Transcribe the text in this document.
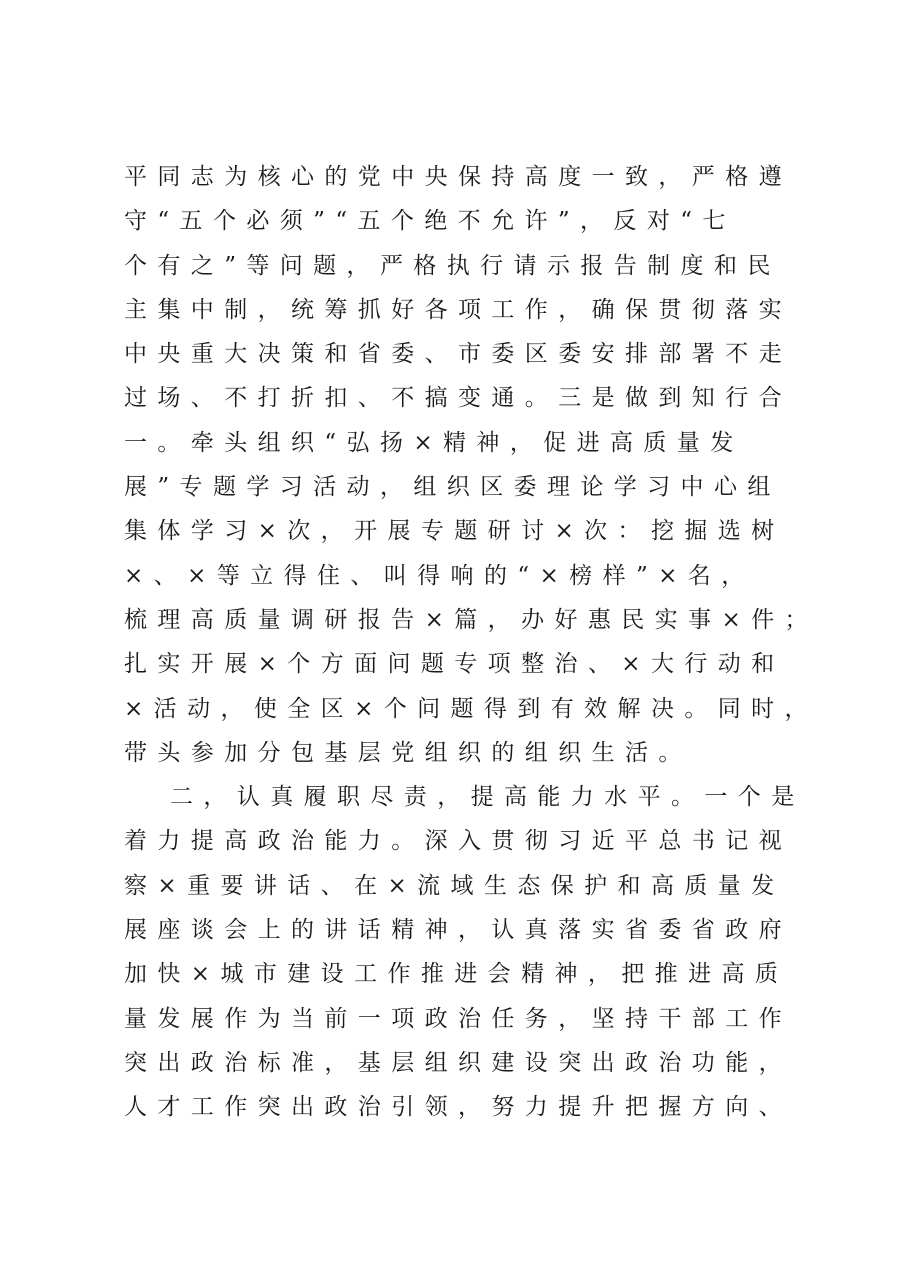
平同志为核心的党中央保持高度一致，严格遵
守“五个必须”“五个绝不允许”，反对“七
个有之”等问题，严格执行请示报告制度和民
主集中制，统筹抓好各项工作，确保贯彻落实
中央重大决策和省委、市委区委安排部署不走
过场、不打折扣、不搞变通。三是做到知行合
一。牵头组织“弘扬×精神，促进高质量发
展”专题学习活动，组织区委理论学习中心组
集体学习×次，开展专题研讨×次：挖掘选树
×、×等立得住、叫得响的“×榜样”×名，
梳理高质量调研报告×篇，办好惠民实事×件；
扎实开展×个方面问题专项整治、×大行动和
×活动，使全区×个问题得到有效解决。同时，
带头参加分包基层党组织的组织生活。
二，认真履职尽责，提高能力水平。一个是
着力提高政治能力。深入贯彻习近平总书记视
察×重要讲话、在×流域生态保护和高质量发
展座谈会上的讲话精神，认真落实省委省政府
加快×城市建设工作推进会精神，把推进高质
量发展作为当前一项政治任务，坚持干部工作
突出政治标准，基层组织建设突出政治功能，
人才工作突出政治引领，努力提升把握方向、
